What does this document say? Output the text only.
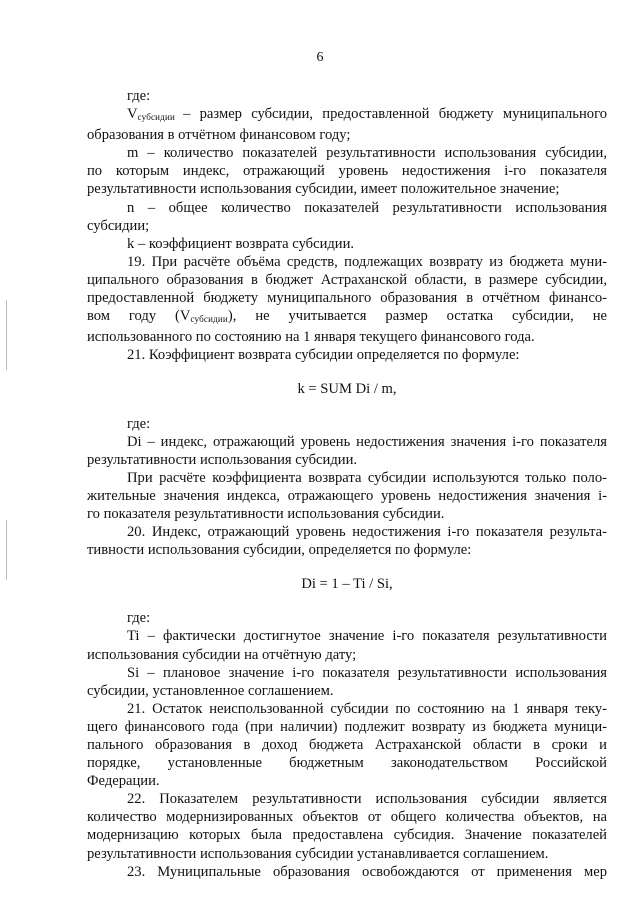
6

где:

$V_{субсидии}$ – размер субсидии, предоставленной бюджету муниципального

образования в отчётном финансовом году;

m – количество показателей результативности использования субсидии,

по которым индекс, отражающий уровень недостижения i-го показателя

результативности использования субсидии, имеет положительное значение;

n – общее количество показателей результативности использования

субсидии;

k – коэффициент возврата субсидии.

19. При расчёте объёма средств, подлежащих возврату из бюджета муни-

ципального образования в бюджет Астраханской области, в размере субсидии,

предоставленной бюджету муниципального образования в отчётном финансо-

вом году $(V_{субсидии})$, не учитывается размер остатка субсидии, не

использованного по состоянию на 1 января текущего финансового года.

21. Коэффициент возврата субсидии определяется по формуле:

k = SUM Di / m,

где:

Di – индекс, отражающий уровень недостижения значения i-го показателя

результативности использования субсидии.

При расчёте коэффициента возврата субсидии используются только поло-

жительные значения индекса, отражающего уровень недостижения значения i-

го показателя результативности использования субсидии.

20. Индекс, отражающий уровень недостижения i-го показателя результа-

тивности использования субсидии, определяется по формуле:

Di = 1 – Ti / Si,

где:

Ti – фактически достигнутое значение i-го показателя результативности

использования субсидии на отчётную дату;

Si – плановое значение i-го показателя результативности использования

субсидии, установленное соглашением.

21. Остаток неиспользованной субсидии по состоянию на 1 января теку-

щего финансового года (при наличии) подлежит возврату из бюджета муници-

пального образования в доход бюджета Астраханской области в сроки и

порядке, установленные бюджетным законодательством Российской

Федерации.

22. Показателем результативности использования субсидии является

количество модернизированных объектов от общего количества объектов, на

модернизацию которых была предоставлена субсидия. Значение показателей

результативности использования субсидии устанавливается соглашением.

23. Муниципальные образования освобождаются от применения мер
